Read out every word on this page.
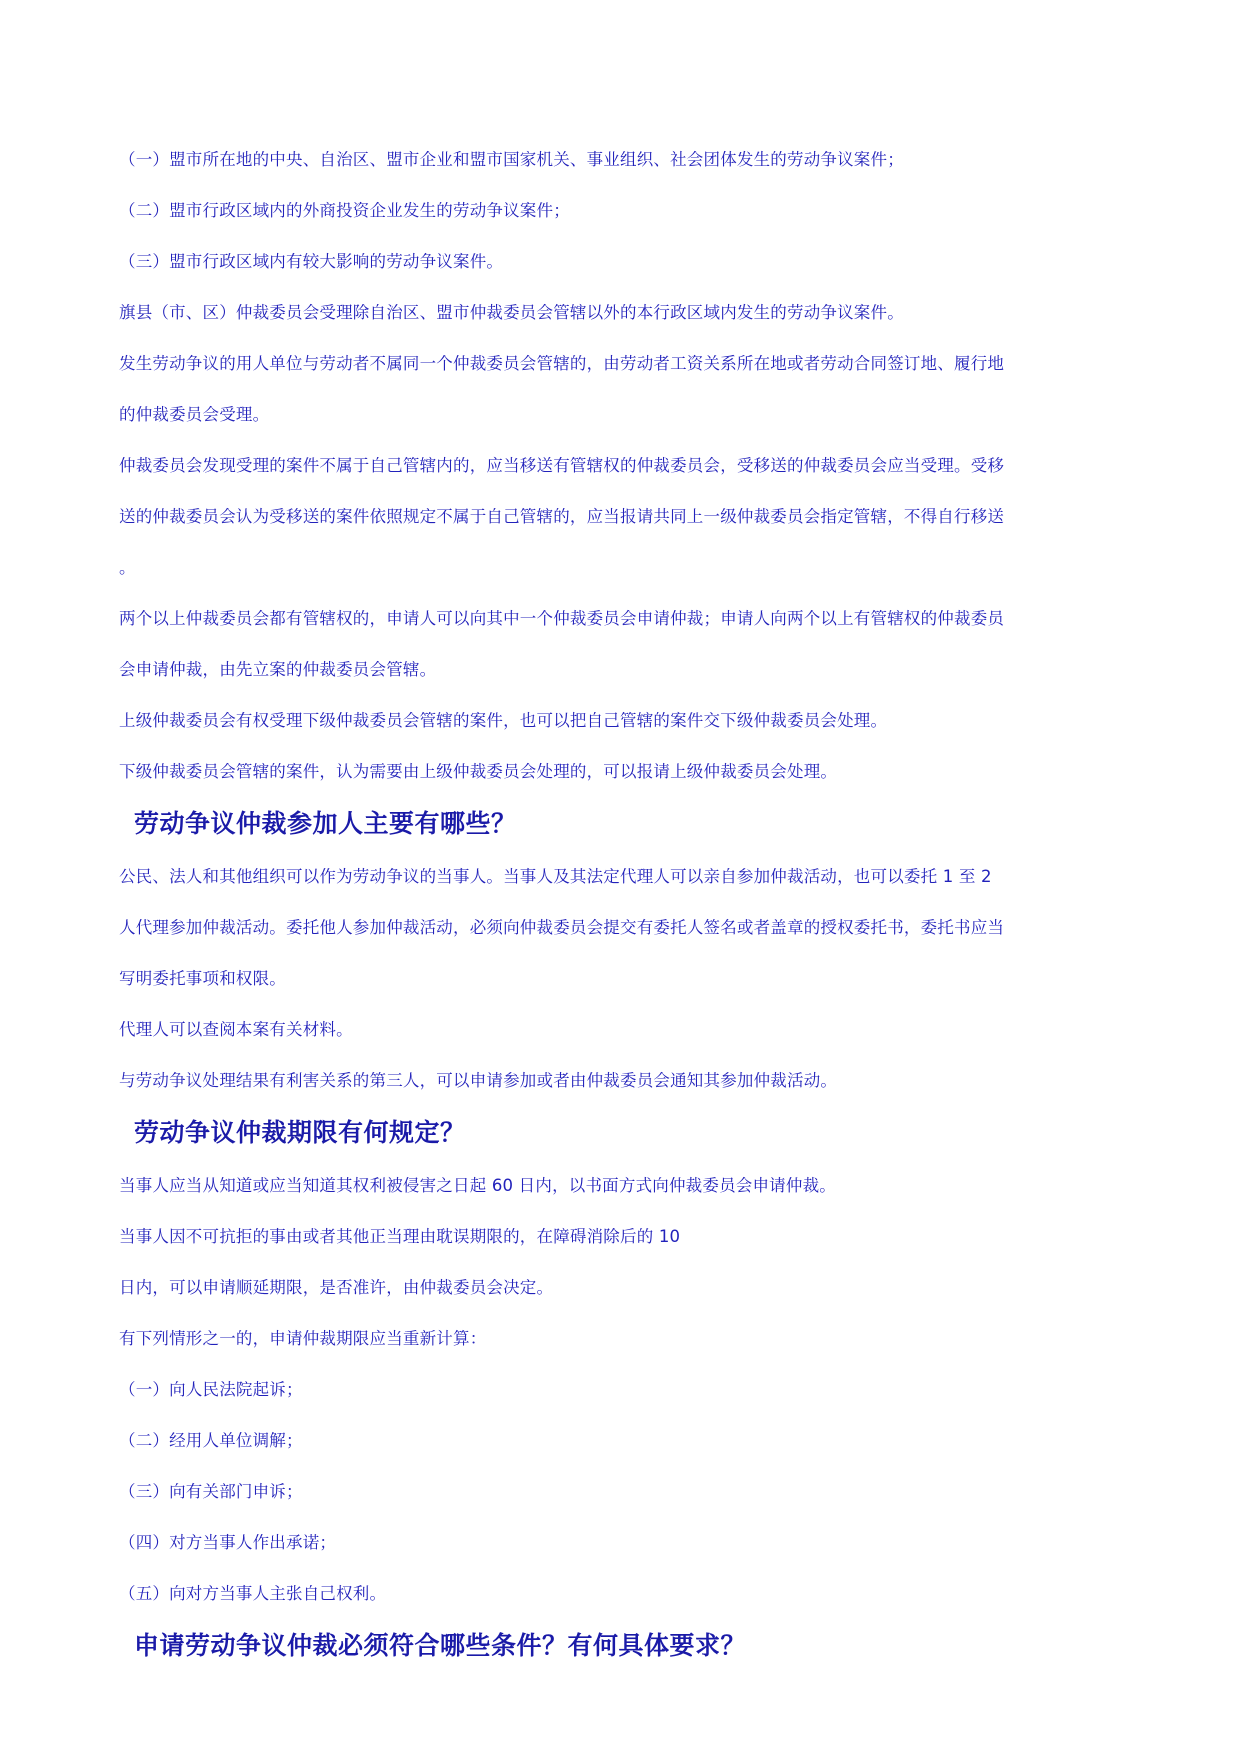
（一）盟市所在地的中央、自治区、盟市企业和盟市国家机关、事业组织、社会团体发生的劳动争议案件；

（二）盟市行政区域内的外商投资企业发生的劳动争议案件；

（三）盟市行政区域内有较大影响的劳动争议案件。

旗县（市、区）仲裁委员会受理除自治区、盟市仲裁委员会管辖以外的本行政区域内发生的劳动争议案件。

发生劳动争议的用人单位与劳动者不属同一个仲裁委员会管辖的，由劳动者工资关系所在地或者劳动合同签订地、履行地

的仲裁委员会受理。

仲裁委员会发现受理的案件不属于自己管辖内的，应当移送有管辖权的仲裁委员会，受移送的仲裁委员会应当受理。受移

送的仲裁委员会认为受移送的案件依照规定不属于自己管辖的，应当报请共同上一级仲裁委员会指定管辖，不得自行移送

。

两个以上仲裁委员会都有管辖权的，申请人可以向其中一个仲裁委员会申请仲裁；申请人向两个以上有管辖权的仲裁委员

会申请仲裁，由先立案的仲裁委员会管辖。

上级仲裁委员会有权受理下级仲裁委员会管辖的案件，也可以把自己管辖的案件交下级仲裁委员会处理。

下级仲裁委员会管辖的案件，认为需要由上级仲裁委员会处理的，可以报请上级仲裁委员会处理。

劳动争议仲裁参加人主要有哪些？

公民、法人和其他组织可以作为劳动争议的当事人。当事人及其法定代理人可以亲自参加仲裁活动，也可以委托 1 至 2

人代理参加仲裁活动。委托他人参加仲裁活动，必须向仲裁委员会提交有委托人签名或者盖章的授权委托书，委托书应当

写明委托事项和权限。

代理人可以查阅本案有关材料。

与劳动争议处理结果有利害关系的第三人，可以申请参加或者由仲裁委员会通知其参加仲裁活动。

劳动争议仲裁期限有何规定？

当事人应当从知道或应当知道其权利被侵害之日起 60 日内，以书面方式向仲裁委员会申请仲裁。

当事人因不可抗拒的事由或者其他正当理由耽误期限的，在障碍消除后的 10

日内，可以申请顺延期限，是否准许，由仲裁委员会决定。

有下列情形之一的，申请仲裁期限应当重新计算：

（一）向人民法院起诉；

（二）经用人单位调解；

（三）向有关部门申诉；

（四）对方当事人作出承诺；

（五）向对方当事人主张自己权利。

申请劳动争议仲裁必须符合哪些条件？有何具体要求？
